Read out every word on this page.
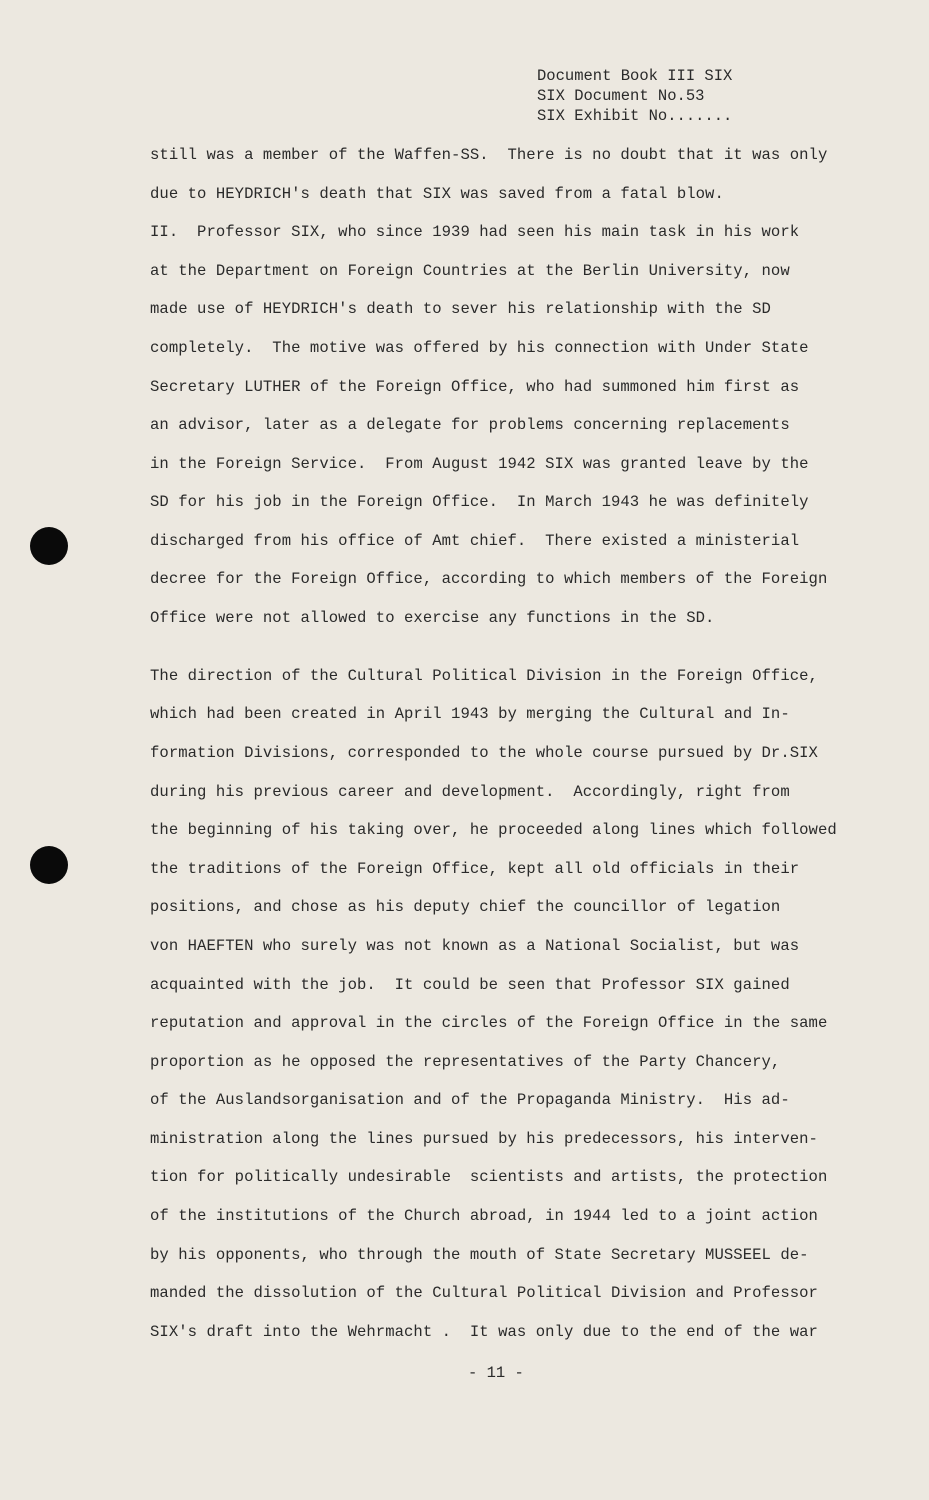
Document Book III SIX
SIX Document No.53
SIX Exhibit No.......
still was a member of the Waffen-SS.  There is no doubt that it was only
due to HEYDRICH's death that SIX was saved from a fatal blow.
II.  Professor SIX, who since 1939 had seen his main task in his work
at the Department on Foreign Countries at the Berlin University, now
made use of HEYDRICH's death to sever his relationship with the SD
completely.  The motive was offered by his connection with Under State
Secretary LUTHER of the Foreign Office, who had summoned him first as
an advisor, later as a delegate for problems concerning replacements
in the Foreign Service.  From August 1942 SIX was granted leave by the
SD for his job in the Foreign Office.  In March 1943 he was definitely
discharged from his office of Amt chief.  There existed a ministerial
decree for the Foreign Office, according to which members of the Foreign
Office were not allowed to exercise any functions in the SD.
The direction of the Cultural Political Division in the Foreign Office,
which had been created in April 1943 by merging the Cultural and In-
formation Divisions, corresponded to the whole course pursued by Dr.SIX
during his previous career and development.  Accordingly, right from
the beginning of his taking over, he proceeded along lines which followed
the traditions of the Foreign Office, kept all old officials in their
positions, and chose as his deputy chief the councillor of legation
von HAEFTEN who surely was not known as a National Socialist, but was
acquainted with the job.  It could be seen that Professor SIX gained
reputation and approval in the circles of the Foreign Office in the same
proportion as he opposed the representatives of the Party Chancery,
of the Auslandsorganisation and of the Propaganda Ministry.  His ad-
ministration along the lines pursued by his predecessors, his interven-
tion for politically undesirable  scientists and artists, the protection
of the institutions of the Church abroad, in 1944 led to a joint action
by his opponents, who through the mouth of State Secretary MUSSEEL de-
manded the dissolution of the Cultural Political Division and Professor
SIX's draft into the Wehrmacht .  It was only due to the end of the war
- 11 -
